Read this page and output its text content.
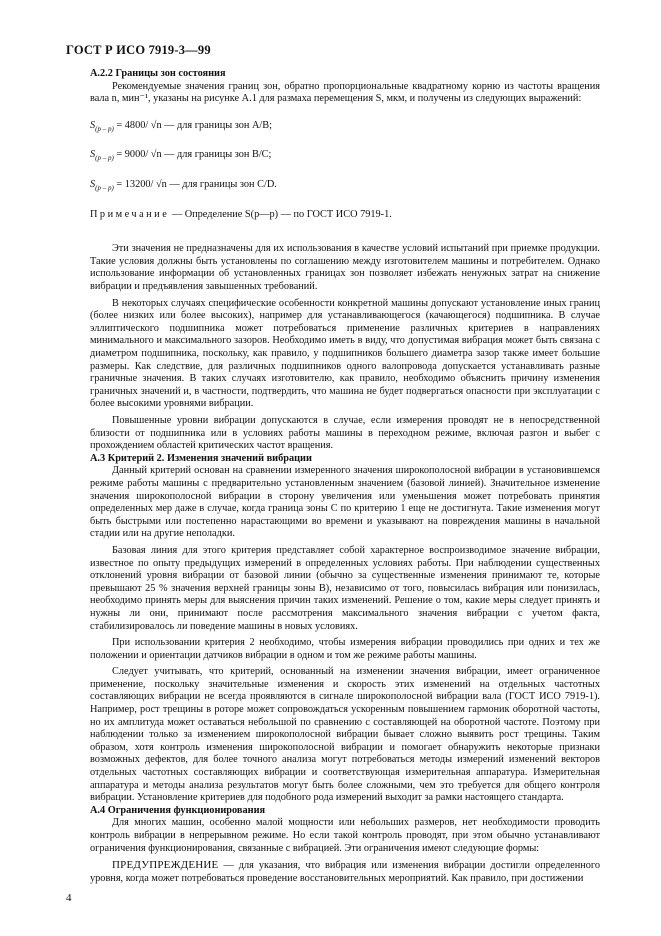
ГОСТ Р ИСО 7919-3—99

А.2.2 Границы зон состояния

Рекомендуемые значения границ зон, обратно пропорциональные квадратному корню из частоты вращения вала n, мин⁻¹, указаны на рисунке А.1 для размаха перемещения S, мкм, и получены из следующих выражений:

$S_{(p - p)} = 4800/$ √n — для границы зон A/B;

$S_{(p - p)} = 9000/$ √n — для границы зон B/C;

$S_{(p - p)} = 13200/$ √n — для границы зон C/D.

Примечание — Определение S(p—p) — по ГОСТ ИСО 7919-1.

Эти значения не предназначены для их использования в качестве условий испытаний при приемке продукции. Такие условия должны быть установлены по соглашению между изготовителем машины и потребителем. Однако использование информации об установленных границах зон позволяет избежать ненужных затрат на снижение вибрации и предъявления завышенных требований.

В некоторых случаях специфические особенности конкретной машины допускают установление иных границ (более низких или более высоких), например для устанавливающегося (качающегося) подшипника. В случае эллиптического подшипника может потребоваться применение различных критериев в направлениях минимального и максимального зазоров. Необходимо иметь в виду, что допустимая вибрация может быть связана с диаметром подшипника, поскольку, как правило, у подшипников большего диаметра зазор также имеет большие размеры. Как следствие, для различных подшипников одного валопровода допускается устанавливать разные граничные значения. В таких случаях изготовителю, как правило, необходимо объяснить причину изменения граничных значений и, в частности, подтвердить, что машина не будет подвергаться опасности при эксплуатации с более высокими уровнями вибрации.

Повышенные уровни вибрации допускаются в случае, если измерения проводят не в непосредственной близости от подшипника или в условиях работы машины в переходном режиме, включая разгон и выбег с прохождением областей критических частот вращения.

А.3 Критерий 2. Изменения значений вибрации

Данный критерий основан на сравнении измеренного значения широкополосной вибрации в установившемся режиме работы машины с предварительно установленным значением (базовой линией). Значительное изменение значения широкополосной вибрации в сторону увеличения или уменьшения может потребовать принятия определенных мер даже в случае, когда граница зоны С по критерию 1 еще не достигнута. Такие изменения могут быть быстрыми или постепенно нарастающими во времени и указывают на повреждения машины в начальной стадии или на другие неполадки.

Базовая линия для этого критерия представляет собой характерное воспроизводимое значение вибрации, известное по опыту предыдущих измерений в определенных условиях работы. При наблюдении существенных отклонений уровня вибрации от базовой линии (обычно за существенные изменения принимают те, которые превышают 25 % значения верхней границы зоны В), независимо от того, повысилась вибрация или понизилась, необходимо принять меры для выяснения причин таких изменений. Решение о том, какие меры следует принять и нужны ли они, принимают после рассмотрения максимального значения вибрации с учетом факта, стабилизировалось ли поведение машины в новых условиях.

При использовании критерия 2 необходимо, чтобы измерения вибрации проводились при одних и тех же положении и ориентации датчиков вибрации в одном и том же режиме работы машины.

Следует учитывать, что критерий, основанный на изменении значения вибрации, имеет ограниченное применение, поскольку значительные изменения и скорость этих изменений на отдельных частотных составляющих вибрации не всегда проявляются в сигнале широкополосной вибрации вала (ГОСТ ИСО 7919-1). Например, рост трещины в роторе может сопровождаться ускоренным повышением гармоник оборотной частоты, но их амплитуда может оставаться небольшой по сравнению с составляющей на оборотной частоте. Поэтому при наблюдении только за изменением широкополосной вибрации бывает сложно выявить рост трещины. Таким образом, хотя контроль изменения широкополосной вибрации и помогает обнаружить некоторые признаки возможных дефектов, для более точного анализа могут потребоваться методы измерений изменений векторов отдельных частотных составляющих вибрации и соответствующая измерительная аппаратура. Измерительная аппаратура и методы анализа результатов могут быть более сложными, чем это требуется для общего контроля вибрации. Установление критериев для подобного рода измерений выходит за рамки настоящего стандарта.

А.4 Ограничения функционирования

Для многих машин, особенно малой мощности или небольших размеров, нет необходимости проводить контроль вибрации в непрерывном режиме. Но если такой контроль проводят, при этом обычно устанавливают ограничения функционирования, связанные с вибрацией. Эти ограничения имеют следующие формы:

ПРЕДУПРЕЖДЕНИЕ — для указания, что вибрация или изменения вибрации достигли определенного уровня, когда может потребоваться проведение восстановительных мероприятий. Как правило, при достижении

4
